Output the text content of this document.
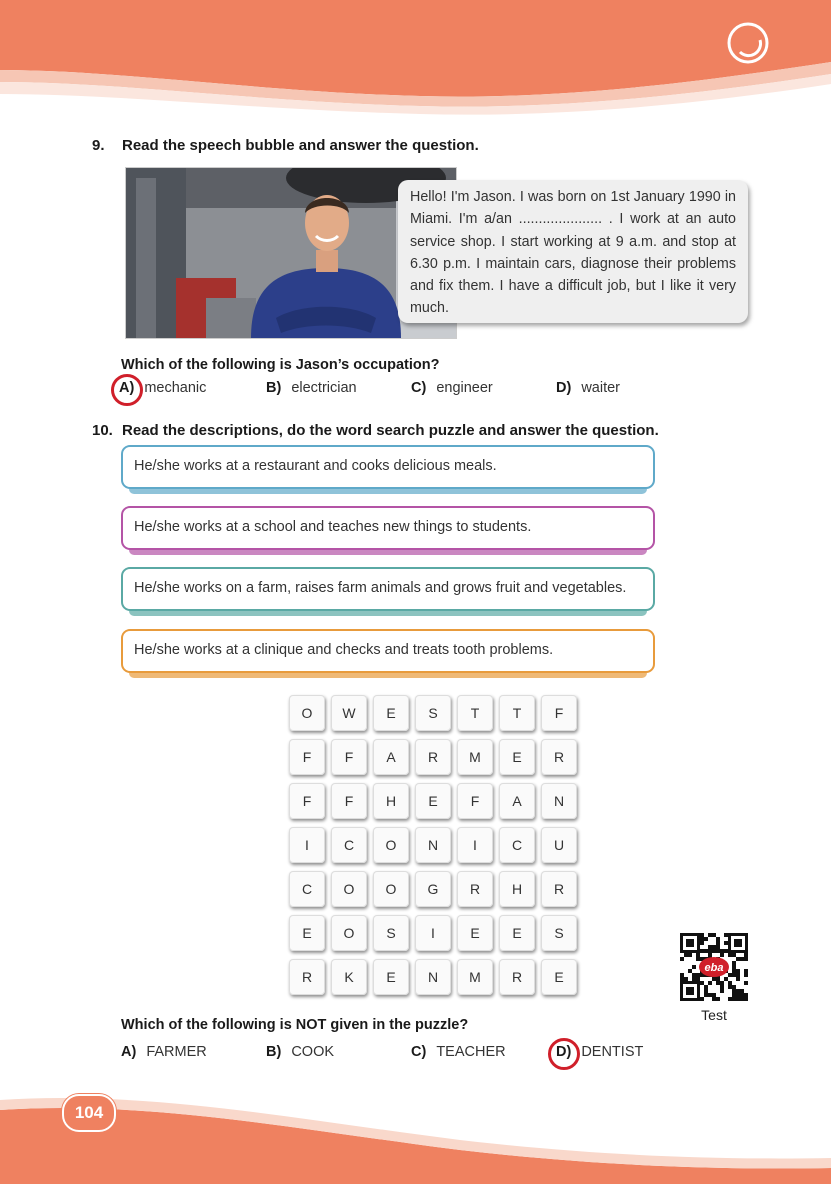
9. Read the speech bubble and answer the question.
Hello! I'm Jason. I was born on 1st January 1990 in Miami. I'm a/an ..................... . I work at an auto service shop. I start working at 9 a.m. and stop at 6.30 p.m. I maintain cars, diagnose their problems and fix them. I have a difficult job, but I like it very much.
Which of the following is Jason’s occupation?
A) mechanic	B) electrician	C) engineer	D) waiter
10. Read the descriptions, do the word search puzzle and answer the question.
He/she works at a restaurant and cooks delicious meals.
He/she works at a school and teaches new things to students.
He/she works on a farm, raises farm animals and grows fruit and vegetables.
He/she works at a clinique and checks and treats tooth problems.
O	W	E	S	T	T	F
F	F	A	R	M	E	R
F	F	H	E	F	A	N
I	C	O	N	I	C	U
C	O	O	G	R	H	R
E	O	S	I	E	E	S
R	K	E	N	M	R	E
Which of the following is NOT given in the puzzle?
A) FARMER	B) COOK	C) TEACHER	D) DENTIST
eba
Test
104
